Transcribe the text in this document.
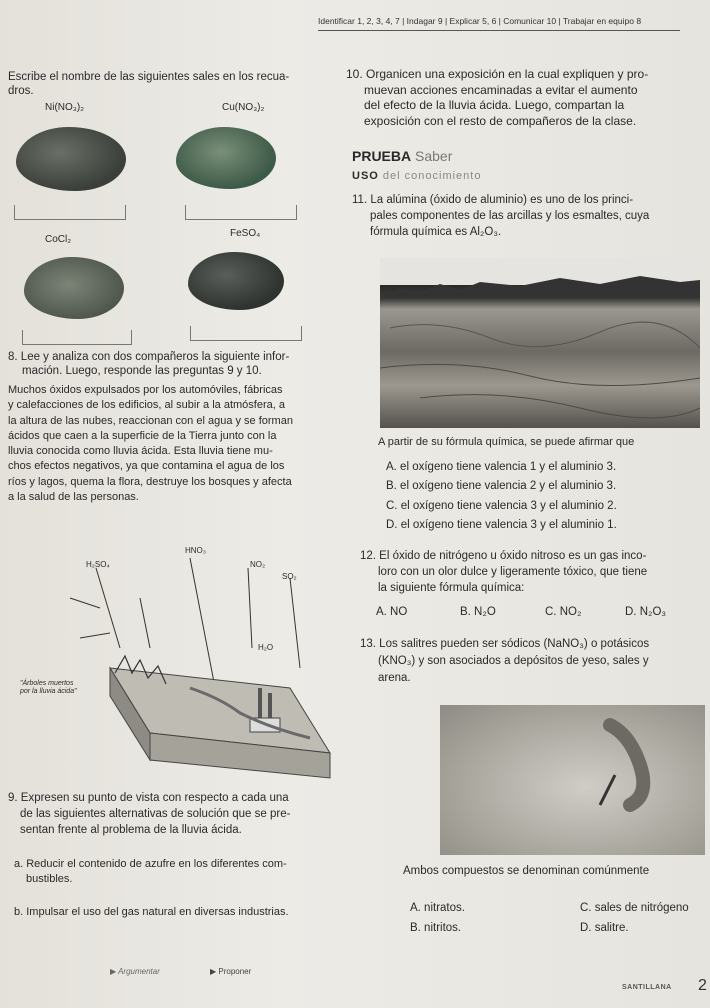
Identificar 1, 2, 3, 4, 7 | Indagar 9 | Explicar 5, 6 | Comunicar 10 | Trabajar en equipo 8
Escribe el nombre de las siguientes sales en los recua-
dros.
Ni(NO₃)₂	Cu(NO₃)₂
CoCl₂
FeSO₄
8. Lee y analiza con dos compañeros la siguiente infor-
mación. Luego, responde las preguntas 9 y 10.
Muchos óxidos expulsados por los automóviles, fábricas
y calefacciones de los edificios, al subir a la atmósfera, a
la altura de las nubes, reaccionan con el agua y se forman
ácidos que caen a la superficie de la Tierra junto con la
lluvia conocida como lluvia ácida. Esta lluvia tiene mu-
chos efectos negativos, ya que contamina el agua de los
ríos y lagos, quema la flora, destruye los bosques y afecta
a la salud de las personas.
H₂SO₄
HNO₃
NO₂
SO₂
H₂O
"Árboles muertos
por la lluvia ácida"
9. Expresen su punto de vista con respecto a cada una
de las siguientes alternativas de solución que se pre-
sentan frente al problema de la lluvia ácida.
a. Reducir el contenido de azufre en los diferentes com-
bustibles.
b. Impulsar el uso del gas natural en diversas industrias.
▶ Argumentar	▶ Proponer
10. Organicen una exposición en la cual expliquen y pro-
muevan acciones encaminadas a evitar el aumento
del efecto de la lluvia ácida. Luego, compartan la
exposición con el resto de compañeros de la clase.
PRUEBA Saber
USO del conocimiento
11. La alúmina (óxido de aluminio) es uno de los princi-
pales componentes de las arcillas y los esmaltes, cuya
fórmula química es Al₂O₃.
A partir de su fórmula química, se puede afirmar que
A. el oxígeno tiene valencia 1 y el aluminio 3.
B. el oxígeno tiene valencia 2 y el aluminio 3.
C. el oxígeno tiene valencia 3 y el aluminio 2.
D. el oxígeno tiene valencia 3 y el aluminio 1.
12. El óxido de nitrógeno u óxido nitroso es un gas inco-
loro con un olor dulce y ligeramente tóxico, que tiene
la siguiente fórmula química:
A. NO	B. N₂O	C. NO₂	D. N₂O₃
13. Los salitres pueden ser sódicos (NaNO₃) o potásicos
(KNO₃) y son asociados a depósitos de yeso, sales y
arena.
Ambos compuestos se denominan comúnmente
A. nitratos.	C. sales de nitrógeno
B. nitritos.	D. salitre.
SANTILLANA 2
